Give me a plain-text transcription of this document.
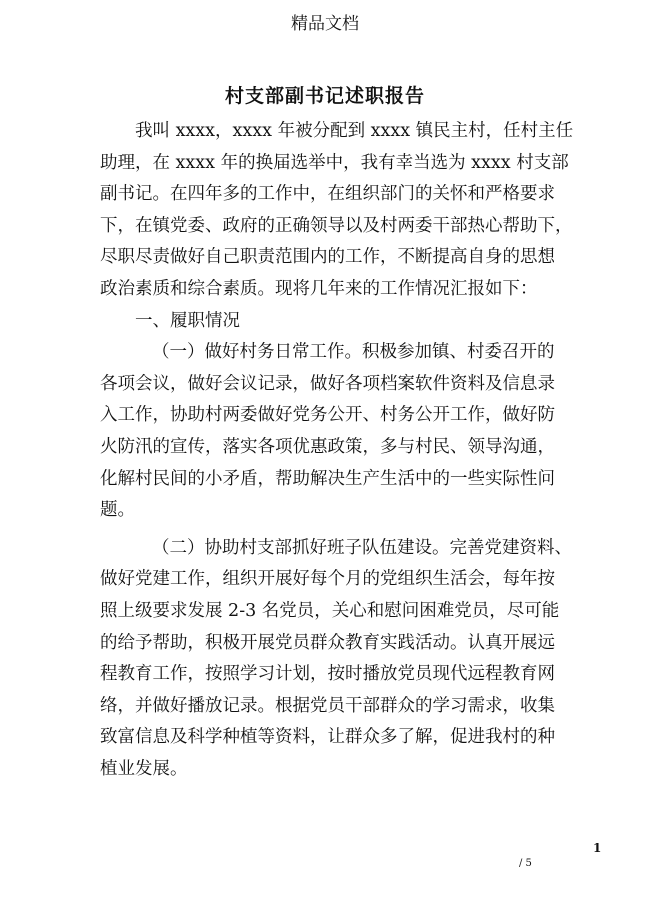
精品文档
村支部副书记述职报告
我叫 xxxx，xxxx 年被分配到 xxxx 镇民主村，任村主任
助理，在 xxxx 年的换届选举中，我有幸当选为 xxxx 村支部
副书记。在四年多的工作中，在组织部门的关怀和严格要求
下，在镇党委、政府的正确领导以及村两委干部热心帮助下，
尽职尽责做好自己职责范围内的工作，不断提高自身的思想
政治素质和综合素质。现将几年来的工作情况汇报如下：
一、履职情况
（一）做好村务日常工作。积极参加镇、村委召开的
各项会议，做好会议记录，做好各项档案软件资料及信息录
入工作，协助村两委做好党务公开、村务公开工作，做好防
火防汛的宣传，落实各项优惠政策，多与村民、领导沟通，
化解村民间的小矛盾，帮助解决生产生活中的一些实际性问
题。
（二）协助村支部抓好班子队伍建设。完善党建资料、
做好党建工作，组织开展好每个月的党组织生活会，每年按
照上级要求发展 2-3 名党员，关心和慰问困难党员，尽可能
的给予帮助，积极开展党员群众教育实践活动。认真开展远
程教育工作，按照学习计划，按时播放党员现代远程教育网
络，并做好播放记录。根据党员干部群众的学习需求，收集
致富信息及科学种植等资料，让群众多了解，促进我村的种
植业发展。
1
/ 5
